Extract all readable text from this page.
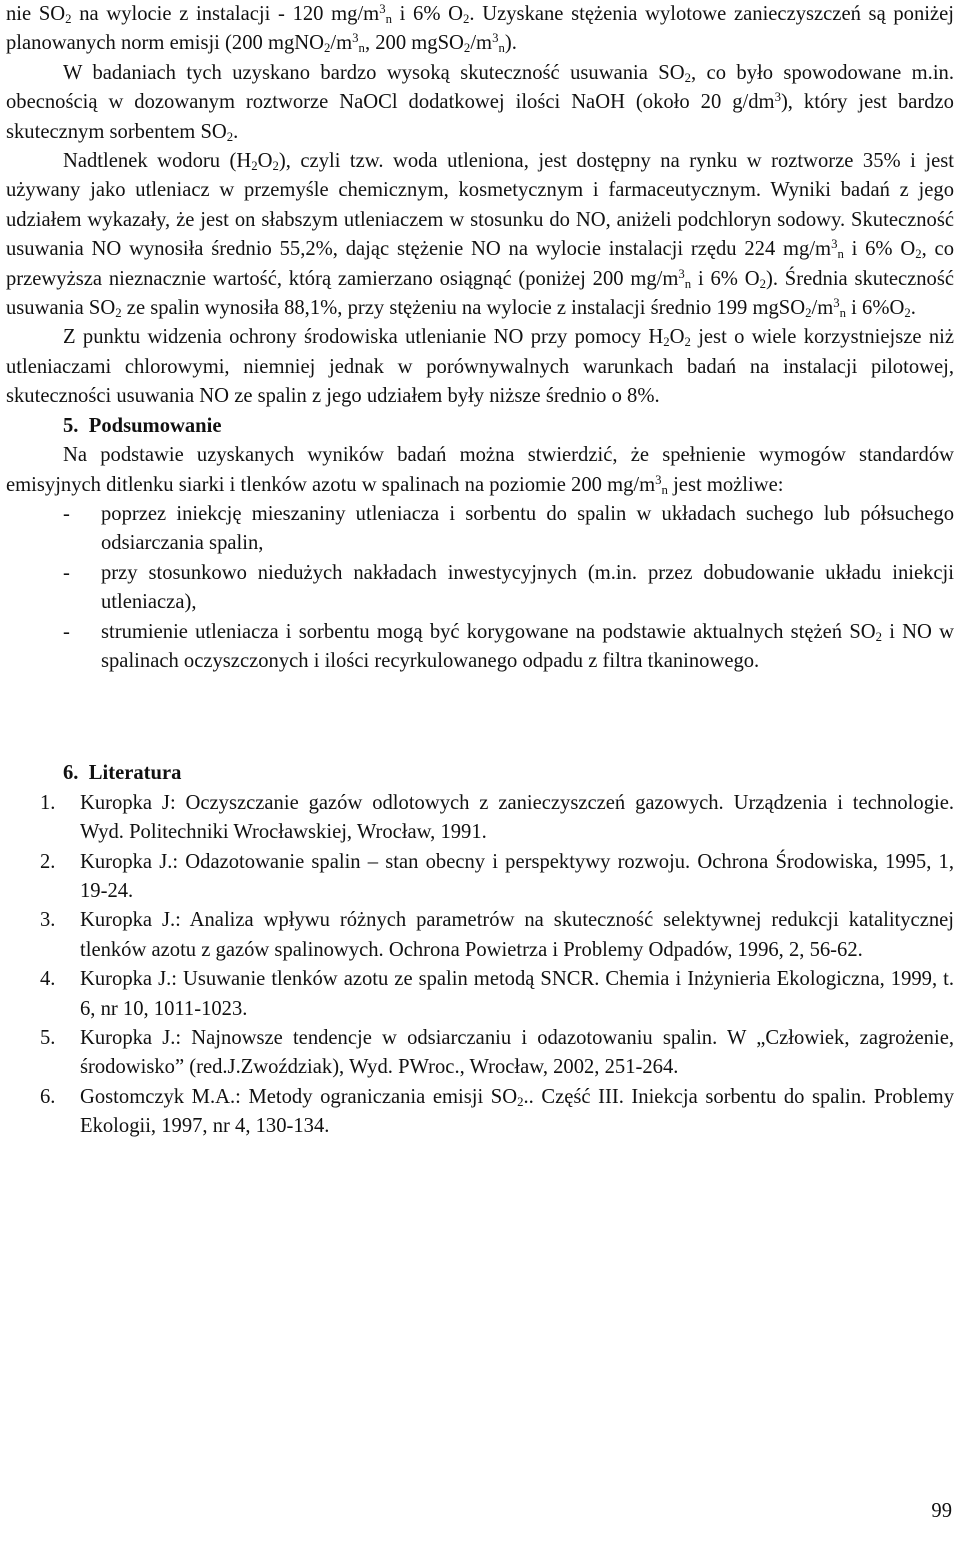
nie $SO_2$ na wylocie z instalacji - 120 $mg/m^3_n$ i 6% $O_2$. Uzyskane stężenia wylotowe zanieczyszczeń są poniżej planowanych norm emisji (200 $mgNO_2/m^3_n$, 200 $mgSO_2/m^3_n$).

W badaniach tych uzyskano bardzo wysoką skuteczność usuwania $SO_2$, co było spowodowane m.in. obecnością w dozowanym roztworze NaOCl dodatkowej ilości NaOH (około 20 $g/dm^3$), który jest bardzo skutecznym sorbentem $SO_2$.

Nadtlenek wodoru $(H_2O_2)$, czyli tzw. woda utleniona, jest dostępny na rynku w roztworze 35% i jest używany jako utleniacz w przemyśle chemicznym, kosmetycznym i farmaceutycznym. Wyniki badań z jego udziałem wykazały, że jest on słabszym utleniaczem w stosunku do NO, aniżeli podchloryn sodowy. Skuteczność usuwania NO wynosiła średnio 55,2%, dając stężenie NO na wylocie instalacji rzędu 224 $mg/m^3_n$ i 6% $O_2$, co przewyższa nieznacznie wartość, którą zamierzano osiągnąć (poniżej 200 $mg/m^3_n$ i 6% $O_2$). Średnia skuteczność usuwania $SO_2$ ze spalin wynosiła 88,1%, przy stężeniu na wylocie z instalacji średnio 199 $mgSO_2/m^3_n$ i $6\%O_2$.

Z punktu widzenia ochrony środowiska utlenianie NO przy pomocy $H_2O_2$ jest o wiele korzystniejsze niż utleniaczami chlorowymi, niemniej jednak w porównywalnych warunkach badań na instalacji pilotowej, skuteczności usuwania NO ze spalin z jego udziałem były niższe średnio o 8%.

5. Podsumowanie

Na podstawie uzyskanych wyników badań można stwierdzić, że spełnienie wymogów standardów emisyjnych ditlenku siarki i tlenków azotu w spalinach na poziomie 200 $mg/m^3_n$ jest możliwe:

- poprzez iniekcję mieszaniny utleniacza i sorbentu do spalin w układach suchego lub półsuchego odsiarczania spalin,
- przy stosunkowo niedużych nakładach inwestycyjnych (m.in. przez dobudowanie układu iniekcji utleniacza),
- strumienie utleniacza i sorbentu mogą być korygowane na podstawie aktualnych stężeń $SO_2$ i NO w spalinach oczyszczonych i ilości recyrkulowanego odpadu z filtra tkaninowego.

6. Literatura

1. Kuropka J: Oczyszczanie gazów odlotowych z zanieczyszczeń gazowych. Urządzenia i technologie. Wyd. Politechniki Wrocławskiej, Wrocław, 1991.
2. Kuropka J.: Odazotowanie spalin – stan obecny i perspektywy rozwoju. Ochrona Środowiska, 1995, 1, 19-24.
3. Kuropka J.: Analiza wpływu różnych parametrów na skuteczność selektywnej redukcji katalitycznej tlenków azotu z gazów spalinowych. Ochrona Powietrza i Problemy Odpadów, 1996, 2, 56-62.
4. Kuropka J.: Usuwanie tlenków azotu ze spalin metodą SNCR. Chemia i Inżynieria Ekologiczna, 1999, t. 6, nr 10, 1011-1023.
5. Kuropka J.: Najnowsze tendencje w odsiarczaniu i odazotowaniu spalin. W „Człowiek, zagrożenie, środowisko” (red.J.Zwoździak), Wyd. PWroc., Wrocław, 2002, 251-264.
6. Gostomczyk M.A.: Metody ograniczania emisji $SO_2$.. Część III. Iniekcja sorbentu do spalin. Problemy Ekologii, 1997, nr 4, 130-134.
99
